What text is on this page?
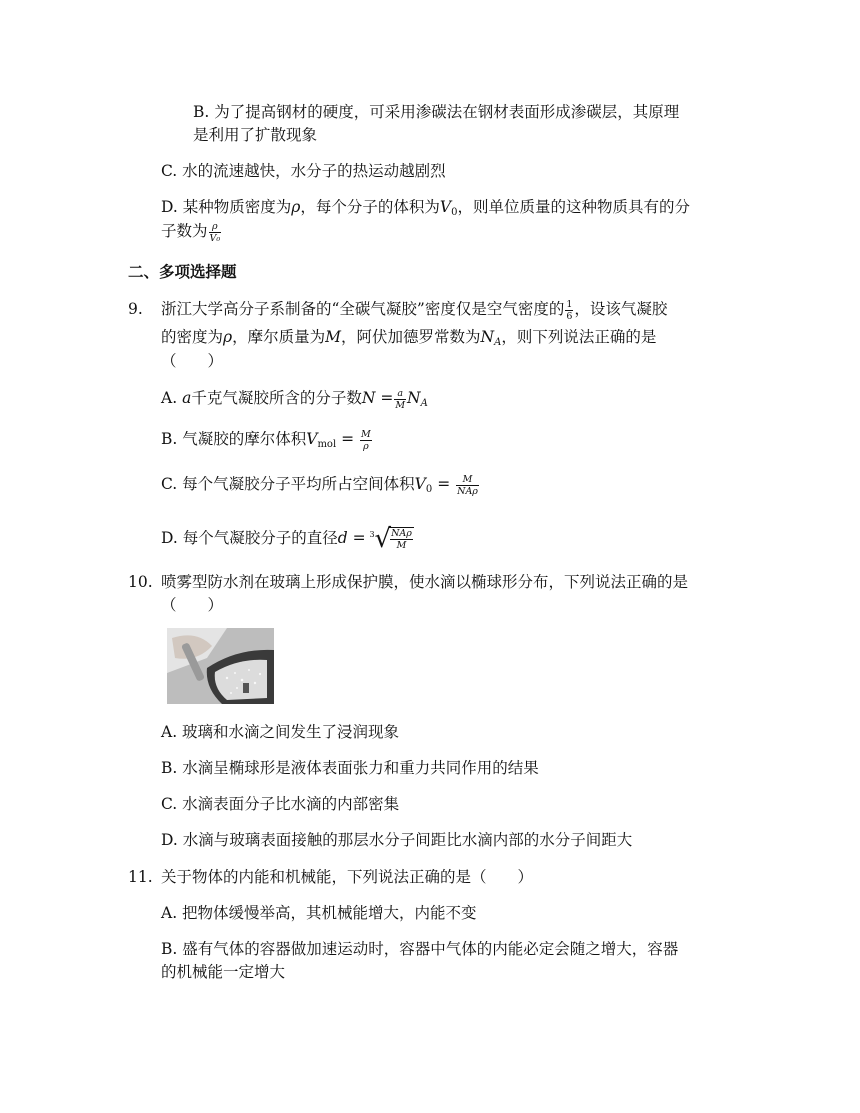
B. 为了提高钢材的硬度，可采用渗碳法在钢材表面形成渗碳层，其原理
是利用了扩散现象
C. 水的流速越快，水分子的热运动越剧烈
D. 某种物质密度为ρ，每个分子的体积为$V_0$，则单位质量的这种物质具有的分
子数为 $\frac{\rho}{\text{V₀}}$
二、多项选择题
9. 浙江大学高分子系制备的“全碳气凝胶”密度仅是空气密度的 $\frac{1}{6}$ ，设该气凝胶
的密度为ρ，摩尔质量为M，阿伏加德罗常数为$N_A$，则下列说法正确的是
（　　）
A. a千克气凝胶所含的分子数$N = \frac{a}{M} N_A$
B. 气凝胶的摩尔体积$V_{mol} = \frac{M}{\rho}$
C. 每个气凝胶分子平均所占空间体积$V_0 = \frac{M}{\text{NAρ}}$
D. 每个气凝胶分子的直径d = 3 √ $\frac{\text{NAρ}}{M}$
10. 喷雾型防水剂在玻璃上形成保护膜，使水滴以椭球形分布，下列说法正确的是
（　　）
A. 玻璃和水滴之间发生了浸润现象
B. 水滴呈椭球形是液体表面张力和重力共同作用的结果
C. 水滴表面分子比水滴的内部密集
D. 水滴与玻璃表面接触的那层水分子间距比水滴内部的水分子间距大
11. 关于物体的内能和机械能，下列说法正确的是（　　）
A. 把物体缓慢举高，其机械能增大，内能不变
B. 盛有气体的容器做加速运动时，容器中气体的内能必定会随之增大，容器
的机械能一定增大
